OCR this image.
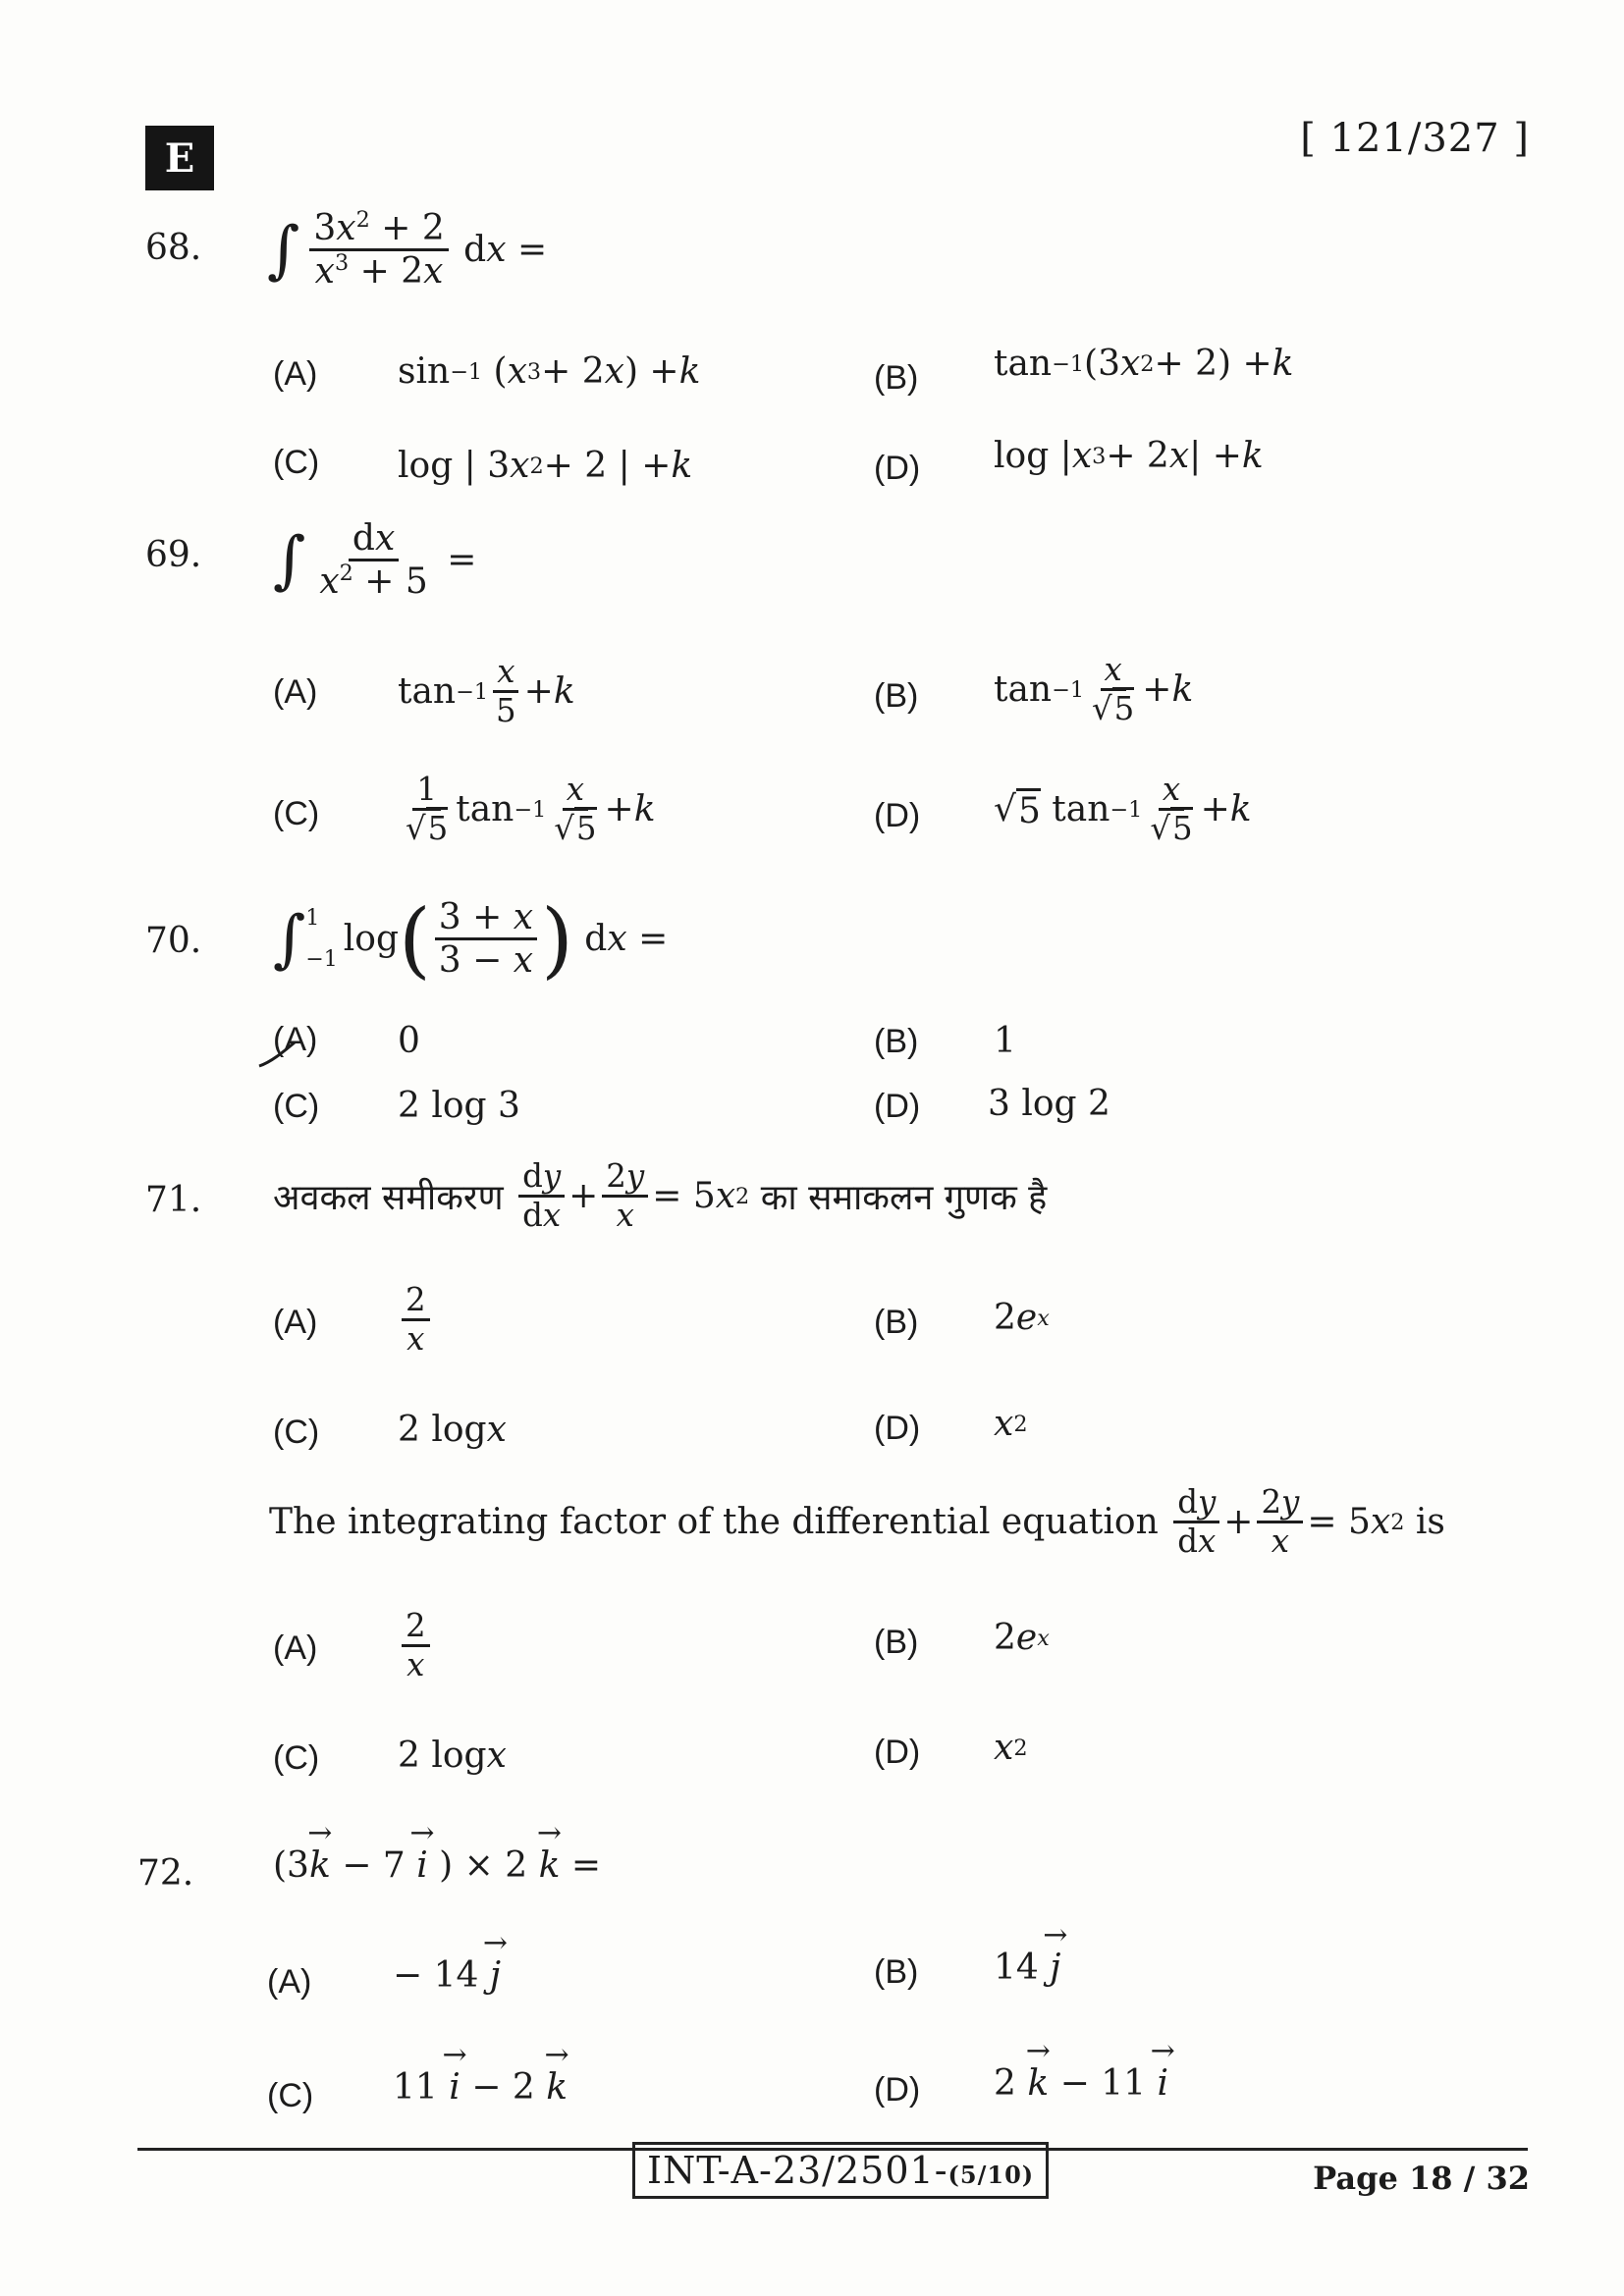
E	[ 121/327 ]
68. ∫ $\frac{3x^2 + 2}{x^3 + 2x}$ dx =
(A) sin −1 ( x 3 + 2 x ) + k	(B) tan −1 (3 x 2 + 2) + k
(C) log | 3 x 2 + 2 | + k	(D) log | x 3 + 2 x | + k
69. ∫ $\frac{dx}{x^2 + 5}$ =
(A) $\tan -1 \frac{x}{5} + k$	(B) $\tan -1 \frac{x}{√5} + k$
(C)	$\frac{1}{√5}$ $\tan -1 \frac{x}{√5} + k$	(D) √ 5 $\tan -1 \frac{x}{√5} + k$
70. ∫ 1
−1 log ( $\frac{3 + x}{3 - x}$ ) dx =
(A) 0	(B) 1
(C) 2 log 3	(D) 3 log 2
71. अवकल समीकरण
$\frac{dy}{dx} + \frac{2y}{x} = 5$ x 2
का समाकलन गुणक है
(A)	$\frac{2}{x}$	(B) 2 e x
(C) 2 log x	(D) x 2
The integrating factor of the differential equation
$\frac{dy}{dx} + \frac{2y}{x} = 5$ x 2
is
(A)	$\frac{2}{x}$	(B) 2 e x
(C) 2 log x	(D) x 2
72. (3 → k − 7 → i ) × 2 → k =
(A) − 14 → j	(B) 14 → j
(C) 11 → i − 2 → k	(D) 2 → k − 11 → i
INT-A-23/2501-(5/10)	Page 18 / 32
